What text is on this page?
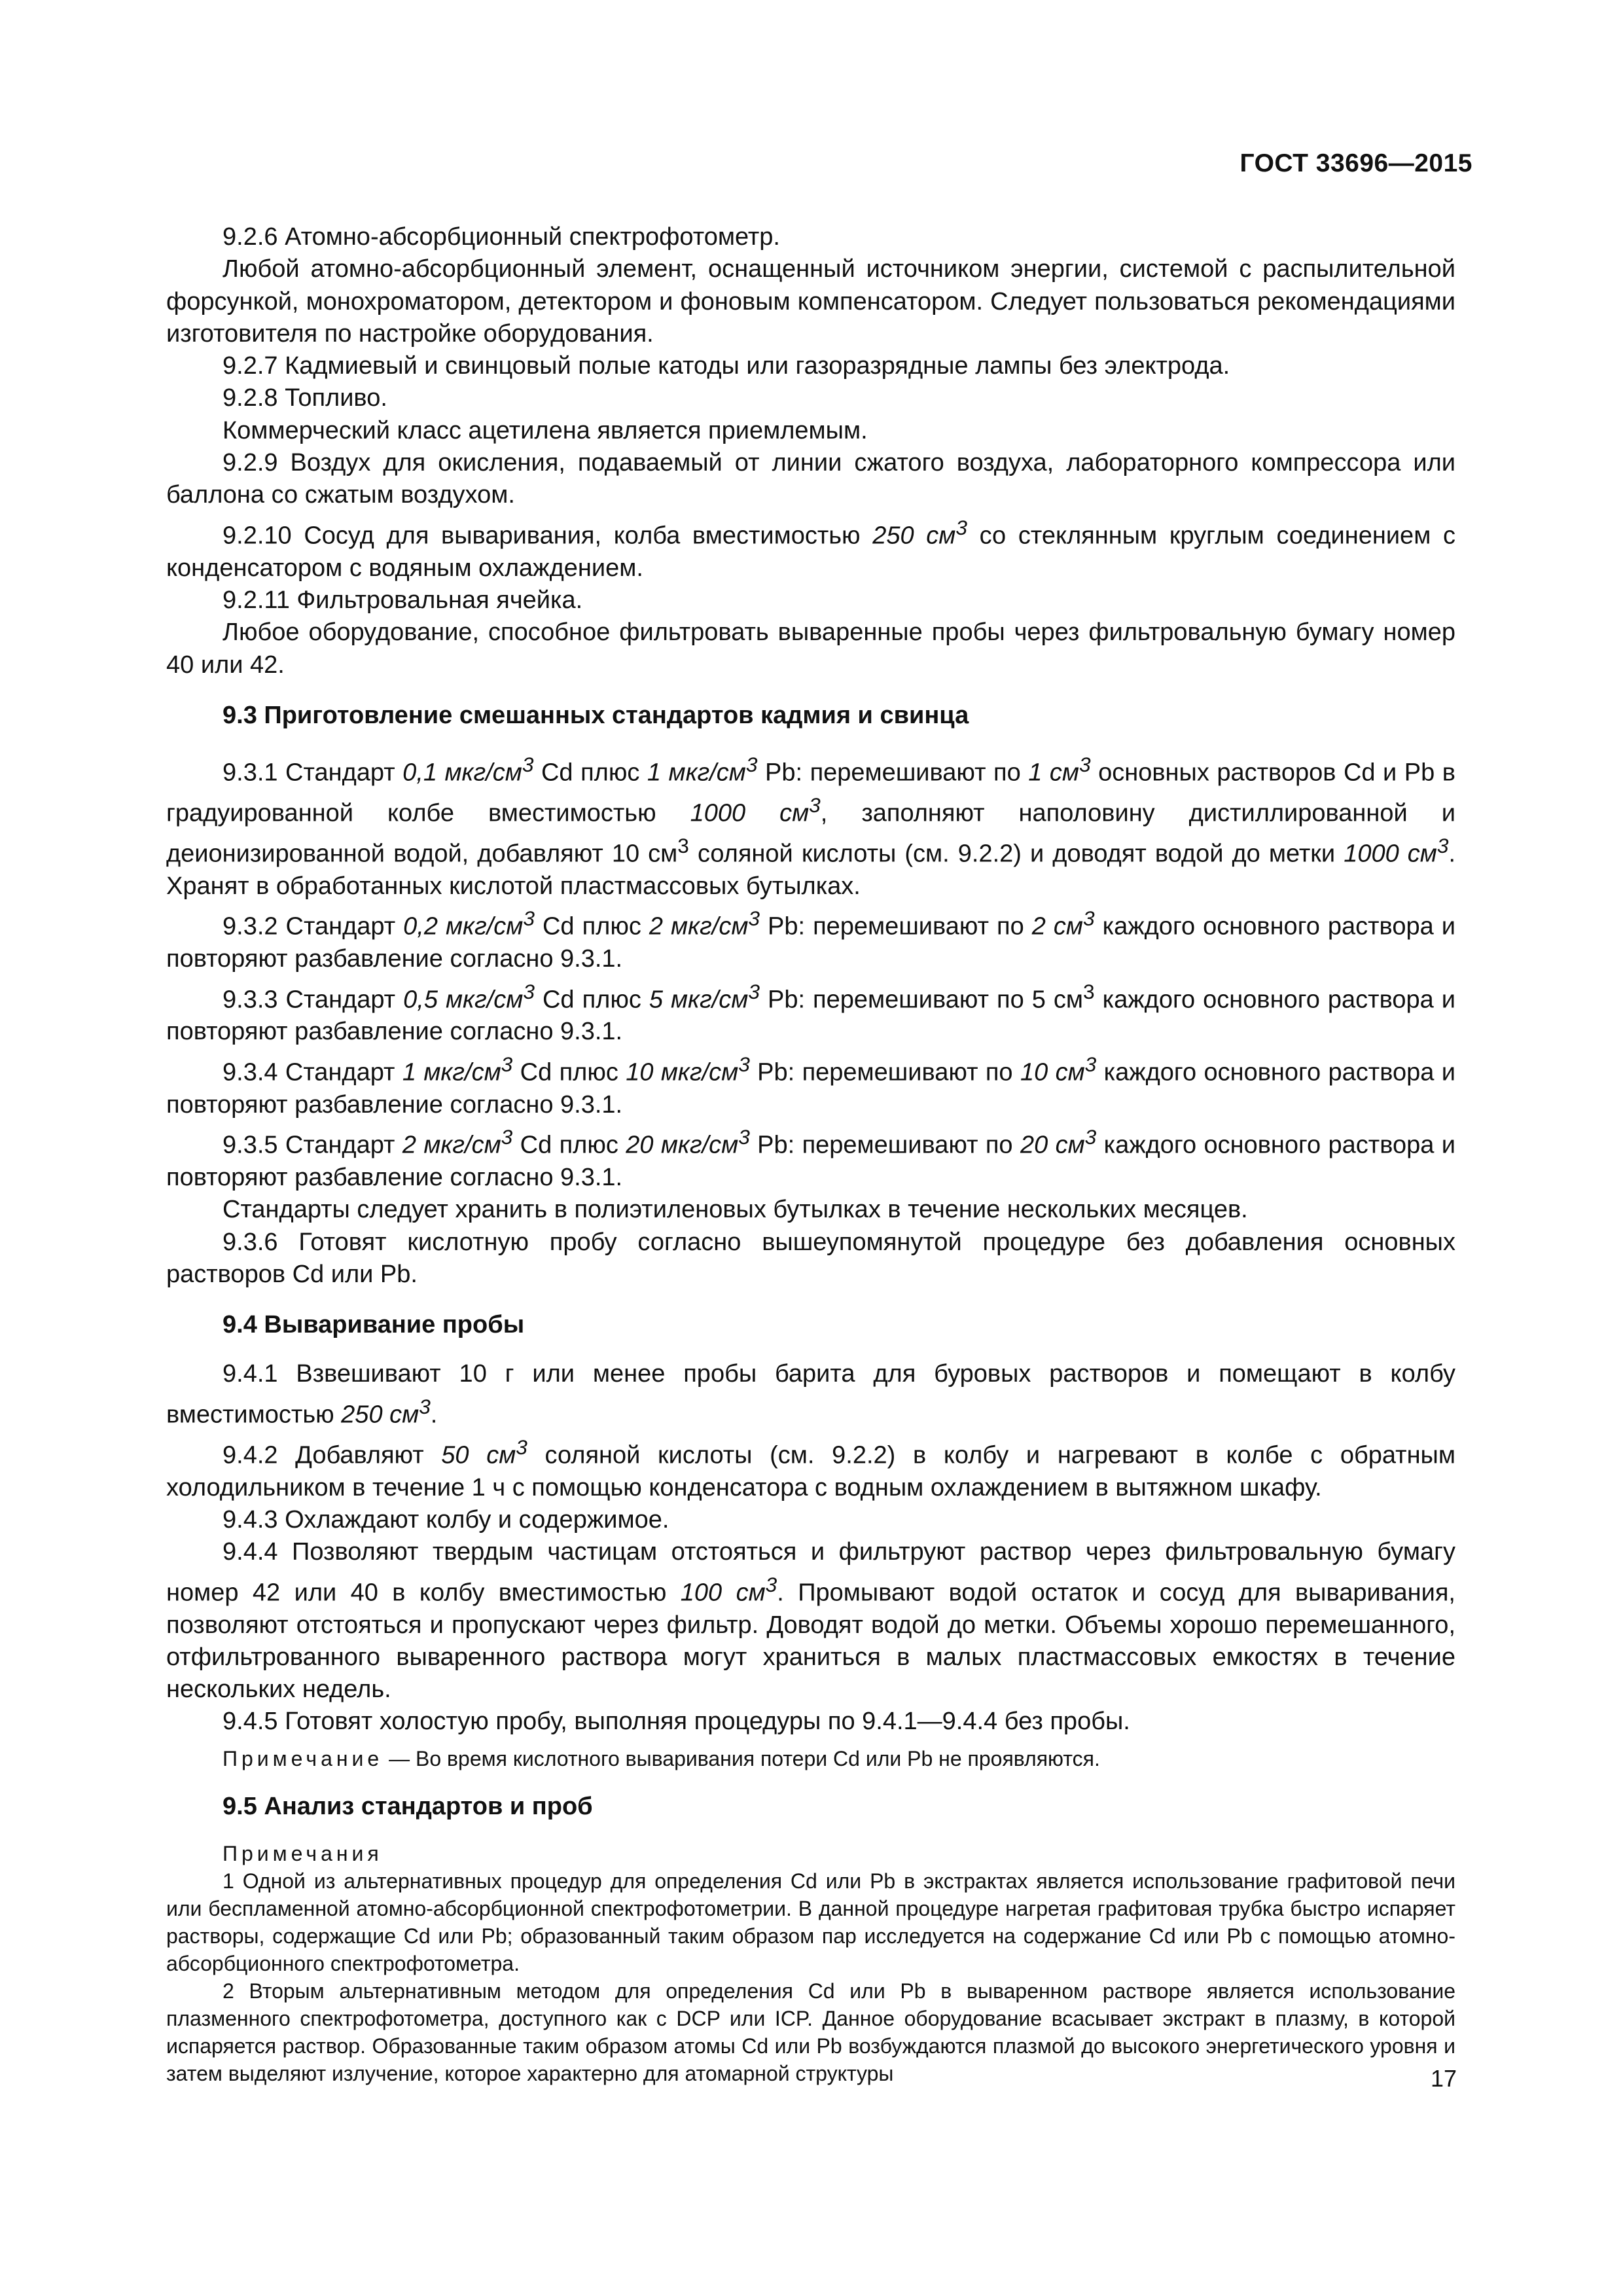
ГОСТ 33696—2015

9.2.6 Атомно-абсорбционный спектрофотометр.

Любой атомно-абсорбционный элемент, оснащенный источником энергии, системой с распылительной форсункой, монохроматором, детектором и фоновым компенсатором. Следует пользоваться рекомендациями изготовителя по настройке оборудования.

9.2.7 Кадмиевый и свинцовый полые катоды или газоразрядные лампы без электрода.

9.2.8 Топливо.

Коммерческий класс ацетилена является приемлемым.

9.2.9 Воздух для окисления, подаваемый от линии сжатого воздуха, лабораторного компрессора или баллона со сжатым воздухом.

9.2.10 Сосуд для вываривания, колба вместимостью 250 $см^3$ со стеклянным круглым соединением с конденсатором с водяным охлаждением.

9.2.11 Фильтровальная ячейка.

Любое оборудование, способное фильтровать вываренные пробы через фильтровальную бумагу номер 40 или 42.

9.3 Приготовление смешанных стандартов кадмия и свинца

9.3.1 Стандарт 0,1 мкг/$см^3$ Cd плюс 1 мкг/$см^3$ Pb: перемешивают по 1 $см^3$ основных растворов Cd и Pb в градуированной колбе вместимостью 1000 $см^3$, заполняют наполовину дистиллированной и деионизированной водой, добавляют 10 $см^3$ соляной кислоты (см. 9.2.2) и доводят водой до метки 1000 $см^3$. Хранят в обработанных кислотой пластмассовых бутылках.

9.3.2 Стандарт 0,2 мкг/$см^3$ Cd плюс 2 мкг/$см^3$ Pb: перемешивают по 2 $см^3$ каждого основного раствора и повторяют разбавление согласно 9.3.1.

9.3.3 Стандарт 0,5 мкг/$см^3$ Cd плюс 5 мкг/$см^3$ Pb: перемешивают по 5 $см^3$ каждого основного раствора и повторяют разбавление согласно 9.3.1.

9.3.4 Стандарт 1 мкг/$см^3$ Cd плюс 10 мкг/$см^3$ Pb: перемешивают по 10 $см^3$ каждого основного раствора и повторяют разбавление согласно 9.3.1.

9.3.5 Стандарт 2 мкг/$см^3$ Cd плюс 20 мкг/$см^3$ Pb: перемешивают по 20 $см^3$ каждого основного раствора и повторяют разбавление согласно 9.3.1.

Стандарты следует хранить в полиэтиленовых бутылках в течение нескольких месяцев.

9.3.6 Готовят кислотную пробу согласно вышеупомянутой процедуре без добавления основных растворов Cd или Pb.

9.4 Вываривание пробы

9.4.1 Взвешивают 10 г или менее пробы барита для буровых растворов и помещают в колбу вместимостью 250 $см^3$.

9.4.2 Добавляют 50 $см^3$ соляной кислоты (см. 9.2.2) в колбу и нагревают в колбе с обратным холодильником в течение 1 ч с помощью конденсатора с водным охлаждением в вытяжном шкафу.

9.4.3 Охлаждают колбу и содержимое.

9.4.4 Позволяют твердым частицам отстояться и фильтруют раствор через фильтровальную бумагу номер 42 или 40 в колбу вместимостью 100 $см^3$. Промывают водой остаток и сосуд для вываривания, позволяют отстояться и пропускают через фильтр. Доводят водой до метки. Объемы хорошо перемешанного, отфильтрованного вываренного раствора могут храниться в малых пластмассовых емкостях в течение нескольких недель.

9.4.5 Готовят холостую пробу, выполняя процедуры по 9.4.1—9.4.4 без пробы.

Примечание — Во время кислотного вываривания потери Cd или Pb не проявляются.

9.5 Анализ стандартов и проб

Примечания

1 Одной из альтернативных процедур для определения Cd или Pb в экстрактах является использование графитовой печи или беспламенной атомно-абсорбционной спектрофотометрии. В данной процедуре нагретая графитовая трубка быстро испаряет растворы, содержащие Cd или Pb; образованный таким образом пар исследуется на содержание Cd или Pb с помощью атомно-абсорбционного спектрофотометра.

2 Вторым альтернативным методом для определения Cd или Pb в вываренном растворе является использование плазменного спектрофотометра, доступного как с DCP или ICP. Данное оборудование всасывает экстракт в плазму, в которой испаряется раствор. Образованные таким образом атомы Cd или Pb возбуждаются плазмой до высокого энергетического уровня и затем выделяют излучение, которое характерно для атомарной структуры	17
